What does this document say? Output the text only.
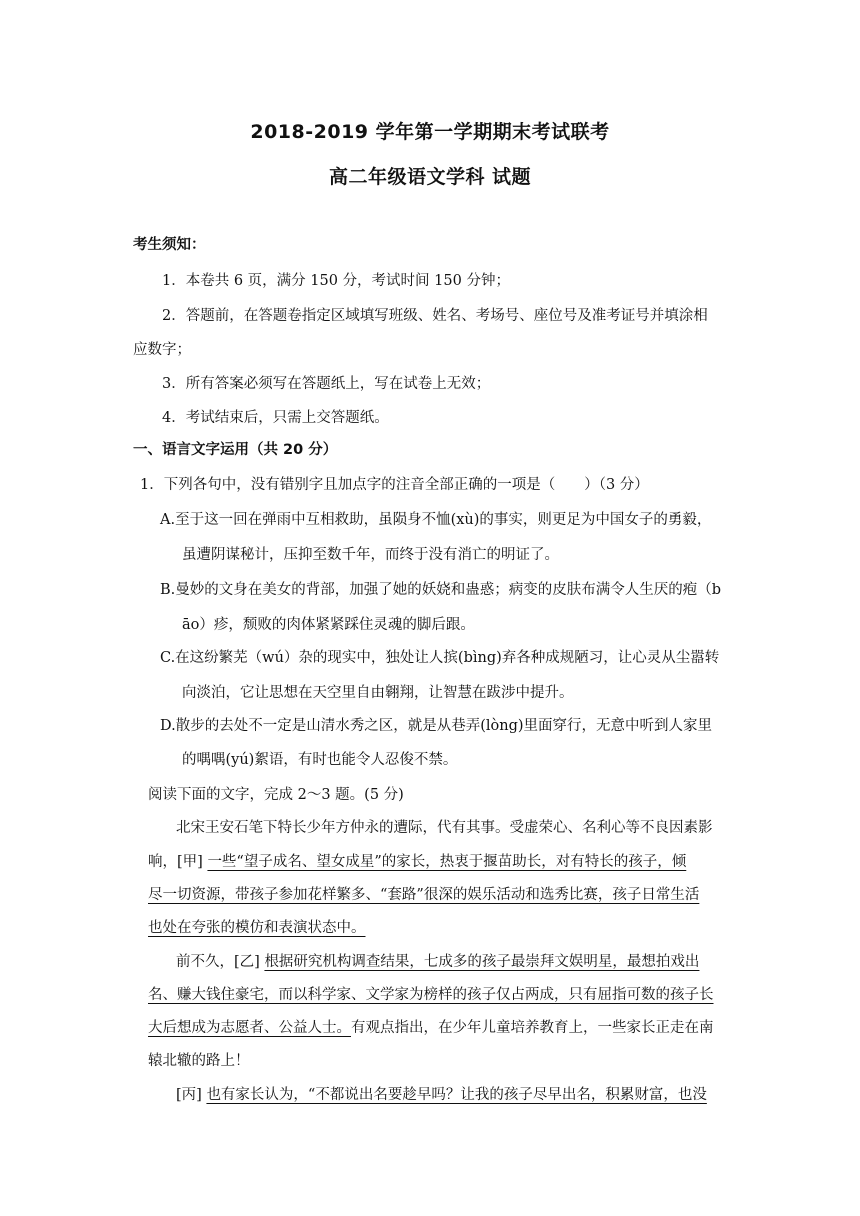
2018-2019 学年第一学期期末考试联考
高二年级语文学科 试题
考生须知：
1．本卷共 6 页，满分 150 分，考试时间 150 分钟；
2．答题前，在答题卷指定区域填写班级、姓名、考场号、座位号及准考证号并填涂相
应数字；
3．所有答案必须写在答题纸上，写在试卷上无效；
4．考试结束后，只需上交答题纸。
一、语言文字运用（共 20 分）
1．下列各句中，没有错别字且加点字的注音全部正确的一项是（　　）（3 分）
A.至于这一回在弹雨中互相救助，虽陨身不恤(xù)的事实，则更足为中国女子的勇毅，
虽遭阴谋秘计，压抑至数千年，而终于没有消亡的明证了。
B.曼妙的文身在美女的背部，加强了她的妖娆和蛊惑；病变的皮肤布满令人生厌的疱（b
āo）疹，颓败的肉体紧紧踩住灵魂的脚后跟。
C.在这纷繁芜（wú）杂的现实中，独处让人摈(bìng)弃各种成规陋习，让心灵从尘嚣转
向淡泊，它让思想在天空里自由翱翔，让智慧在跋涉中提升。
D.散步的去处不一定是山清水秀之区，就是从巷弄(lòng)里面穿行，无意中听到人家里
的喁喁(yú)絮语，有时也能令人忍俊不禁。
阅读下面的文字，完成 2～3 题。(5 分)
北宋王安石笔下特长少年方仲永的遭际，代有其事。受虚荣心、名利心等不良因素影
响，[甲] 一些“望子成名、望女成星”的家长，热衷于揠苗助长，对有特长的孩子，倾
尽一切资源，带孩子参加花样繁多、“套路”很深的娱乐活动和选秀比赛，孩子日常生活
也处在夸张的模仿和表演状态中。
前不久，[乙] 根据研究机构调查结果，七成多的孩子最崇拜文娱明星，最想拍戏出
名、赚大钱住豪宅，而以科学家、文学家为榜样的孩子仅占两成，只有屈指可数的孩子长
大后想成为志愿者、公益人士。有观点指出，在少年儿童培养教育上，一些家长正走在南
辕北辙的路上！
[丙] 也有家长认为，“不都说出名要趁早吗？让我的孩子尽早出名，积累财富，也没
